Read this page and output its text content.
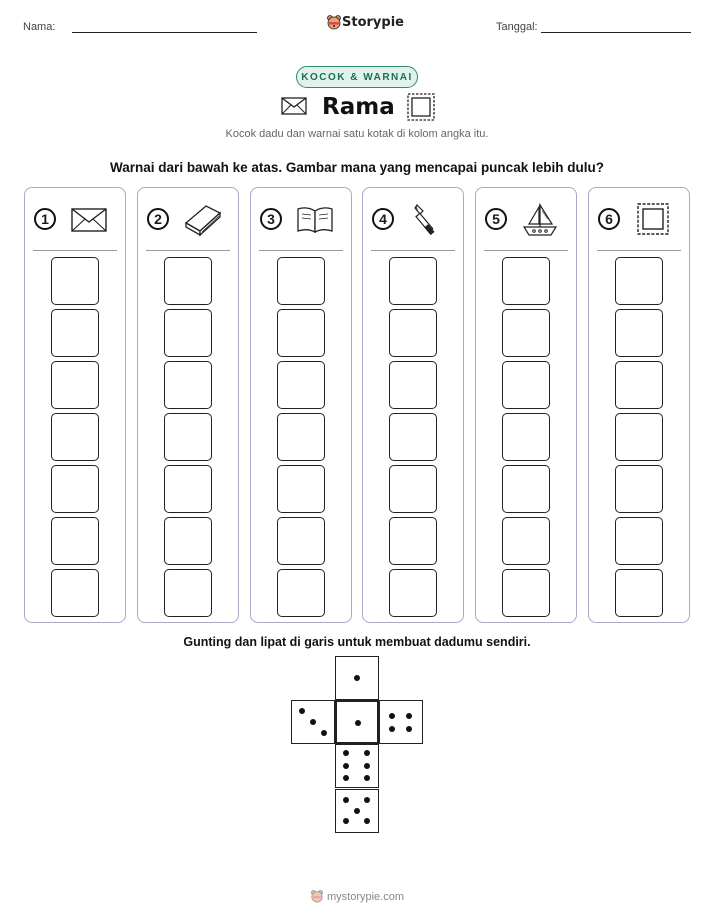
Nama:	Storypie	Tanggal:
KOCOK & WARNAI
Rama
Kocok dadu dan warnai satu kotak di kolom angka itu.
Warnai dari bawah ke atas. Gambar mana yang mencapai puncak lebih dulu?
1	2	3	4	5	6
Gunting dan lipat di garis untuk membuat dadumu sendiri.
mystorypie.com
